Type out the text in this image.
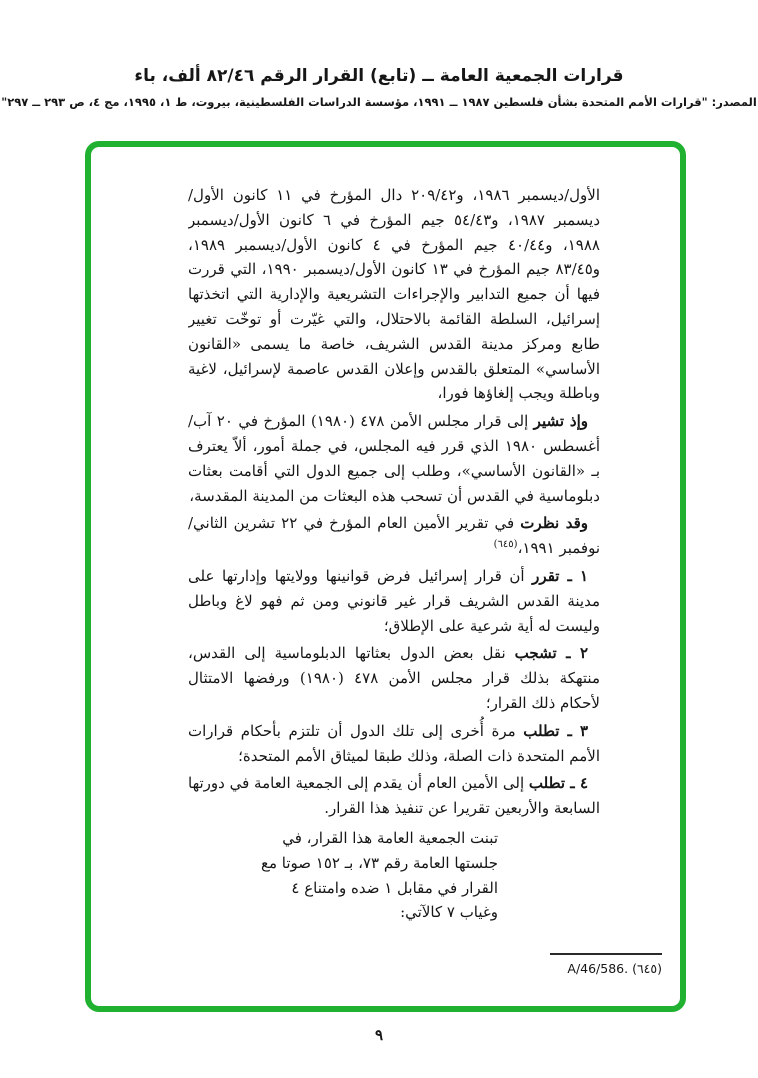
قرارات الجمعية العامة ــ (تابع) القرار الرقم ٨٢/٤٦ ألف، باء
المصدر: "قرارات الأمم المتحدة بشأن فلسطين ١٩٨٧ ــ ١٩٩١، مؤسسة الدراسات الفلسطينية، بيروت، ط ١، ١٩٩٥، مج ٤، ص ٢٩٣ ــ ٢٩٧"

الأول/ديسمبر ١٩٨٦، و٢٠٩/٤٢ دال المؤرخ في ١١ كانون الأول/ديسمبر ١٩٨٧، و٥٤/٤٣ جيم المؤرخ في ٦ كانون الأول/ديسمبر ١٩٨٨، و٤٠/٤٤ جيم المؤرخ في ٤ كانون الأول/ديسمبر ١٩٨٩، و٨٣/٤٥ جيم المؤرخ في ١٣ كانون الأول/ديسمبر ١٩٩٠، التي قررت فيها أن جميع التدابير والإجراءات التشريعية والإدارية التي اتخذتها إسرائيل، السلطة القائمة بالاحتلال، والتي غيّرت أو توخّت تغيير طابع ومركز مدينة القدس الشريف، خاصة ما يسمى «القانون الأساسي» المتعلق بالقدس وإعلان القدس عاصمة لإسرائيل، لاغية وباطلة ويجب إلغاؤها فورا،

وإذ تشير إلى قرار مجلس الأمن ٤٧٨ (١٩٨٠) المؤرخ في ٢٠ آب/أغسطس ١٩٨٠ الذي قرر فيه المجلس، في جملة أمور، ألاّ يعترف بـ «القانون الأساسي»، وطلب إلى جميع الدول التي أقامت بعثات دبلوماسية في القدس أن تسحب هذه البعثات من المدينة المقدسة،

وقد نظرت في تقرير الأمين العام المؤرخ في ٢٢ تشرين الثاني/نوفمبر ١٩٩١،$^{(٦٤٥)}$

١ ـ تقرر أن قرار إسرائيل فرض قوانينها وولايتها وإدارتها على مدينة القدس الشريف قرار غير قانوني ومن ثم فهو لاغ وباطل وليست له أية شرعية على الإطلاق؛

٢ ـ تشجب نقل بعض الدول بعثاتها الدبلوماسية إلى القدس، منتهكة بذلك قرار مجلس الأمن ٤٧٨ (١٩٨٠) ورفضها الامتثال لأحكام ذلك القرار؛

٣ ـ تطلب مرة أُخرى إلى تلك الدول أن تلتزم بأحكام قرارات الأمم المتحدة ذات الصلة، وذلك طبقا لميثاق الأمم المتحدة؛

٤ ـ تطلب إلى الأمين العام أن يقدم إلى الجمعية العامة في دورتها السابعة والأربعين تقريرا عن تنفيذ هذا القرار.

تبنت الجمعية العامة هذا القرار، في جلستها العامة رقم ٧٣، بـ ١٥٢ صوتا مع القرار في مقابل ١ ضده وامتناع ٤ وغياب ٧ كالآتي:
A/46/586. (٦٤٥)
٩
